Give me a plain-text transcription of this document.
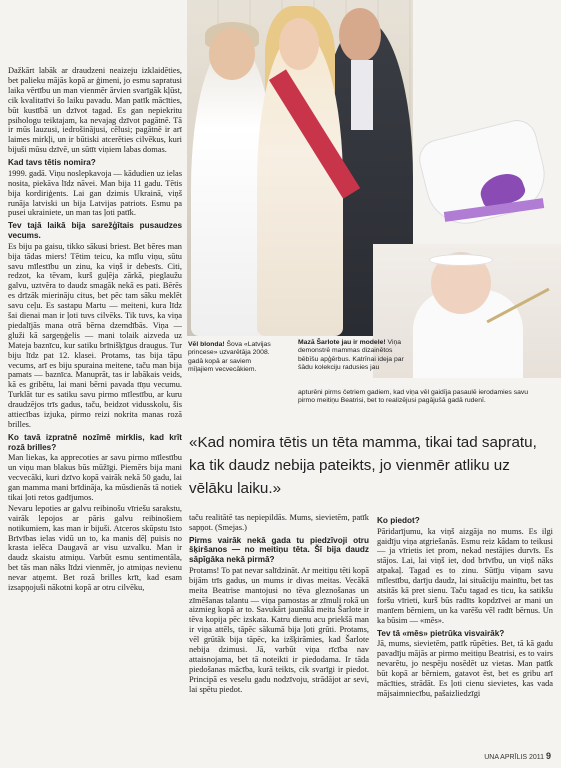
Dažkārt labāk ar draudzeni neaizeju izklaidēties, bet palieku mājās kopā ar ģimeni, jo esmu sapratusi laika vērtību un man vienmēr ārvien svarīgāk kļūst, cik kvalitatīvi šo laiku pavadu. Man patīk mācīties, būt kustībā un dzīvot tagad. Es gan nepiekritu psihologu teiktajam, ka nevajag dzīvot pagātnē. Tā ir mūs lauzusi, iedrošinājusi, cēlusi; pagātnē ir arī laimes mirkļi, un ir būtiski atcerēties cilvēkus, kuri bijuši mūsu dzīvē, un sūtīt viņiem labas domas.

Kad tavs tētis nomira?

1999. gadā. Viņu noslepkavoja — kādudien uz ielas nosita, piekāva līdz nāvei. Man bija 11 gadu. Tētis bija kordiriģents. Lai gan dzimis Ukrainā, viņš runāja latviski un bija Latvijas patriots. Esmu pa pusei ukrainiete, un man tas ļoti patīk.

Tev tajā laikā bija sarežģītais pusaudzes vecums.

Es biju pa gaisu, tikko sākusi briest. Bet bēres man bija tādas miers! Tētim teicu, ka mīlu viņu, sūtu savu mīlestību un zinu, ka viņš ir debesīs. Citi, redzot, ka tēvam, kurš guļēja zārkā, pieglaužu galvu, uztvēra to daudz smagāk nekā es pati. Bērēs es drīzāk mierināju citus, bet pēc tam sāku meklēt savu ceļu. Es sastapu Martu — meiteni, kura līdz šai dienai man ir ļoti tuvs cilvēks. Tik tuvs, ka viņa piedalījās mana otrā bērna dzemdībās. Viņa — gluži kā sargeņģelis — mani tolaik aizveda uz Mateja baznīcu, kur satiku brīnišķīgus draugus. Tur biju līdz pat 12. klasei. Protams, tas bija tāpu vecums, arī es biju spuraina meitene, taču man bija pamats — baznīca. Manuprāt, tas ir labākais veids, kā es gribētu, lai mani bērni pavada tīņu vecumu. Turklāt tur es satiku savu pirmo mīlestību, ar kuru draudzējos trīs gadus, taču, beidzot vidusskolu, šis attiecības izjuka, pirmo reizi nokrita manas rozā brilles.

Ko tavā izpratnē nozīmē mirklis, kad krīt rozā brilles?

Man liekas, ka apprecoties ar savu pirmo mīlestību un viņu man blakus būs mūžīgi. Piemērs bija mani vecvecāki, kuri dzīvo kopā vairāk nekā 50 gadu, lai gan mamma mani brīdināja, ka mūsdienās tā notiek tikai ļoti retos gadījumos.

Nevaru lepoties ar galvu reibinošu vīriešu sarakstu, vairāk lepojos ar pāris galvu reibinošiem notikumiem, kas man ir bijuši. Atceros skūpstu īsto Brīvības ielas vidū un to, ka manis dēļ puisis no krasta ielēca Daugavā ar visu uzvalku. Man ir daudz skaistu atmiņu. Varbūt esmu sentimentāla, bet tās man nāks līdzi vienmēr, jo atmiņas nevienu nevar atņemt. Bet rozā brilles krīt, kad esam izsapņojuši nākotni kopā ar otru cilvēku,

Vēl blonda! Šova «Latvijas princese» uzvarētāja 2008. gadā kopā ar saviem mīļajiem vecvecākiem.
Mazā Šarlote jau ir modele! Viņa demonstrē mammas dizainētos bēbīšu apģērbus. Katrīnai ideja par šādu kolekciju radusies jau
apturēni pirms četriem gadiem, kad viņa vēl gaidīja pasaulē ierodamies savu pirmo meitiņu Beatrisi, bet to realizējusi pagājušā gadā rudenī.
«Kad nomira tētis un tēta mamma, tikai tad sapratu, ka tik daudz nebija pateikts, jo vienmēr atliku uz vēlāku laiku.»

taču realitātē tas nepiepildās. Mums, sievietēm, patīk sapņot. (Smejas.)

Pirms vairāk nekā gada tu piedzīvoji otru šķiršanos — no meitiņu tēta. Šī bija daudz sāpīgāka nekā pirmā?

Protams! To pat nevar salīdzināt. Ar meitiņu tēti kopā bijām trīs gadus, un mums ir divas meitas. Vecākā meita Beatrise mantojusi no tēva gleznošanas un zīmēšanas talantu — viņa pamostas ar zīmuli rokā un aizmieg kopā ar to. Savukārt jaunākā meita Šarlote ir tēva kopija pēc izskata. Katru dienu acu priekšā man ir viņa attēls, tāpēc sākumā bija ļoti grūti. Protams, vēl grūtāk bija tāpēc, ka izšķirāmies, kad Šarlote nebija dzimusi. Jā, varbūt viņa rīcība nav attaisnojama, bet tā noteikti ir piedodama. Ir tāda piedošanas mācība, kurā teikts, cik svarīgi ir piedot. Principā es veselu gadu nodzīvoju, strādājot ar sevi, lai spētu piedot.

Ko piedot?

Pāridarījumu, ka viņš aizgāja no mums. Es ilgi gaidīju viņa atgriešanās. Esmu reiz kādam to teikusi — ja vīrietis iet prom, nekad nestājies durvīs. Es stājos. Lai, lai viņš iet, dod brīvību, un viņš nāks atpakaļ. Tagad es to zinu. Sūtīju viņam savu mīlestību, darīju daudz, lai situāciju mainītu, bet tas atsitās kā pret sienu. Taču tagad es ticu, ka satikšu foršu vīrieti, kurš būs radīts kopdzīvei ar mani un manīem bērniem, un ka varēšu vēl radīt bērnus. Un ka būsim — «mēs».

Tev tā «mēs» pietrūka visvairāk?

Jā, mums, sievietēm, patīk rūpēties. Bet, tā kā gadu pavadīju mājās ar pirmo meitiņu Beatrisi, es to vairs nevarētu, jo nespēju nosēdēt uz vietas. Man patīk būt kopā ar bērniem, gatavot ēst, bet es gribu arī mācīties, strādāt. Es ļoti cienu sievietes, kas vada mājsaimniecību, pašaizliedzīgi

UNA APRĪLIS 2011 9
